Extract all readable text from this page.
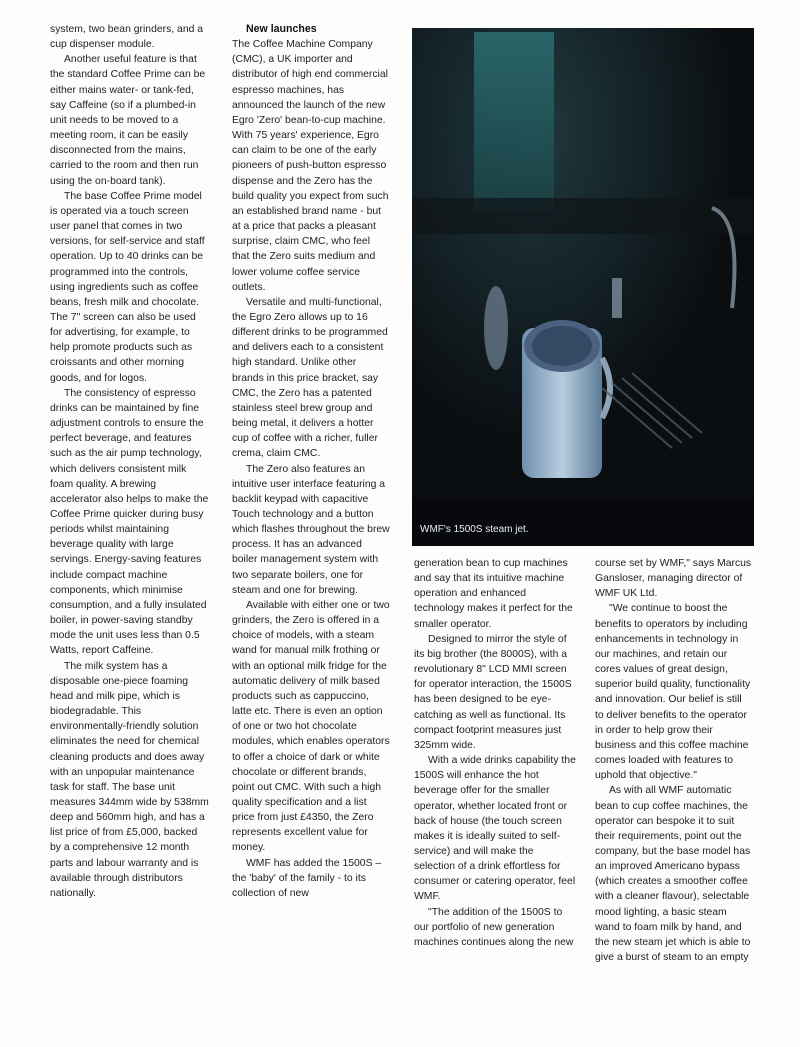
system, two bean grinders, and a cup dispenser module.

Another useful feature is that the standard Coffee Prime can be either mains water- or tank-fed, say Caffeine (so if a plumbed-in unit needs to be moved to a meeting room, it can be easily disconnected from the mains, carried to the room and then run using the on-board tank).

The base Coffee Prime model is operated via a touch screen user panel that comes in two versions, for self-service and staff operation. Up to 40 drinks can be programmed into the controls, using ingredients such as coffee beans, fresh milk and chocolate. The 7" screen can also be used for advertising, for example, to help promote products such as croissants and other morning goods, and for logos.

The consistency of espresso drinks can be maintained by fine adjustment controls to ensure the perfect beverage, and features such as the air pump technology, which delivers consistent milk foam quality. A brewing accelerator also helps to make the Coffee Prime quicker during busy periods whilst maintaining beverage quality with large servings. Energy-saving features include compact machine components, which minimise consumption, and a fully insulated boiler, in power-saving standby mode the unit uses less than 0.5 Watts, report Caffeine.

The milk system has a disposable one-piece foaming head and milk pipe, which is biodegradable. This environmentally-friendly solution eliminates the need for chemical cleaning products and does away with an unpopular maintenance task for staff. The base unit measures 344mm wide by 538mm deep and 560mm high, and has a list price of from £5,000, backed by a comprehensive 12 month parts and labour warranty and is available through distributors nationally.

New launches

The Coffee Machine Company (CMC), a UK importer and distributor of high end commercial espresso machines, has announced the launch of the new Egro 'Zero' bean-to-cup machine. With 75 years' experience, Egro can claim to be one of the early pioneers of push-button espresso dispense and the Zero has the build quality you expect from such an established brand name - but at a price that packs a pleasant surprise, claim CMC, who feel that the Zero suits medium and lower volume coffee service outlets.

Versatile and multi-functional, the Egro Zero allows up to 16 different drinks to be programmed and delivers each to a consistent high standard. Unlike other brands in this price bracket, say CMC, the Zero has a patented stainless steel brew group and being metal, it delivers a hotter cup of coffee with a richer, fuller crema, claim CMC.

The Zero also features an intuitive user interface featuring a backlit keypad with capacitive Touch technology and a button which flashes throughout the brew process. It has an advanced boiler management system with two separate boilers, one for steam and one for brewing.

Available with either one or two grinders, the Zero is offered in a choice of models, with a steam wand for manual milk frothing or with an optional milk fridge for the automatic delivery of milk based products such as cappuccino, latte etc. There is even an option of one or two hot chocolate modules, which enables operators to offer a choice of dark or white chocolate or different brands, point out CMC. With such a high quality specification and a list price from just £4350, the Zero represents excellent value for money.

WMF has added the 1500S – the 'baby' of the family - to its collection of new

WMF's 1500S steam jet.

generation bean to cup machines and say that its intuitive machine operation and enhanced technology makes it perfect for the smaller operator.

Designed to mirror the style of its big brother (the 8000S), with a revolutionary 8" LCD MMI screen for operator interaction, the 1500S has been designed to be eye-catching as well as functional. Its compact footprint measures just 325mm wide.

With a wide drinks capability the 1500S will enhance the hot beverage offer for the smaller operator, whether located front or back of house (the touch screen makes it is ideally suited to self-service) and will make the selection of a drink effortless for consumer or catering operator, feel WMF.

"The addition of the 1500S to our portfolio of new generation machines continues along the new

course set by WMF," says Marcus Gansloser, managing director of WMF UK Ltd.

"We continue to boost the benefits to operators by including enhancements in technology in our machines, and retain our cores values of great design, superior build quality, functionality and innovation. Our belief is still to deliver benefits to the operator in order to help grow their business and this coffee machine comes loaded with features to uphold that objective."

As with all WMF automatic bean to cup coffee machines, the operator can bespoke it to suit their requirements, point out the company, but the base model has an improved Americano bypass (which creates a smoother coffee with a cleaner flavour), selectable mood lighting, a basic steam wand to foam milk by hand, and the new steam jet which is able to give a burst of steam to an empty
